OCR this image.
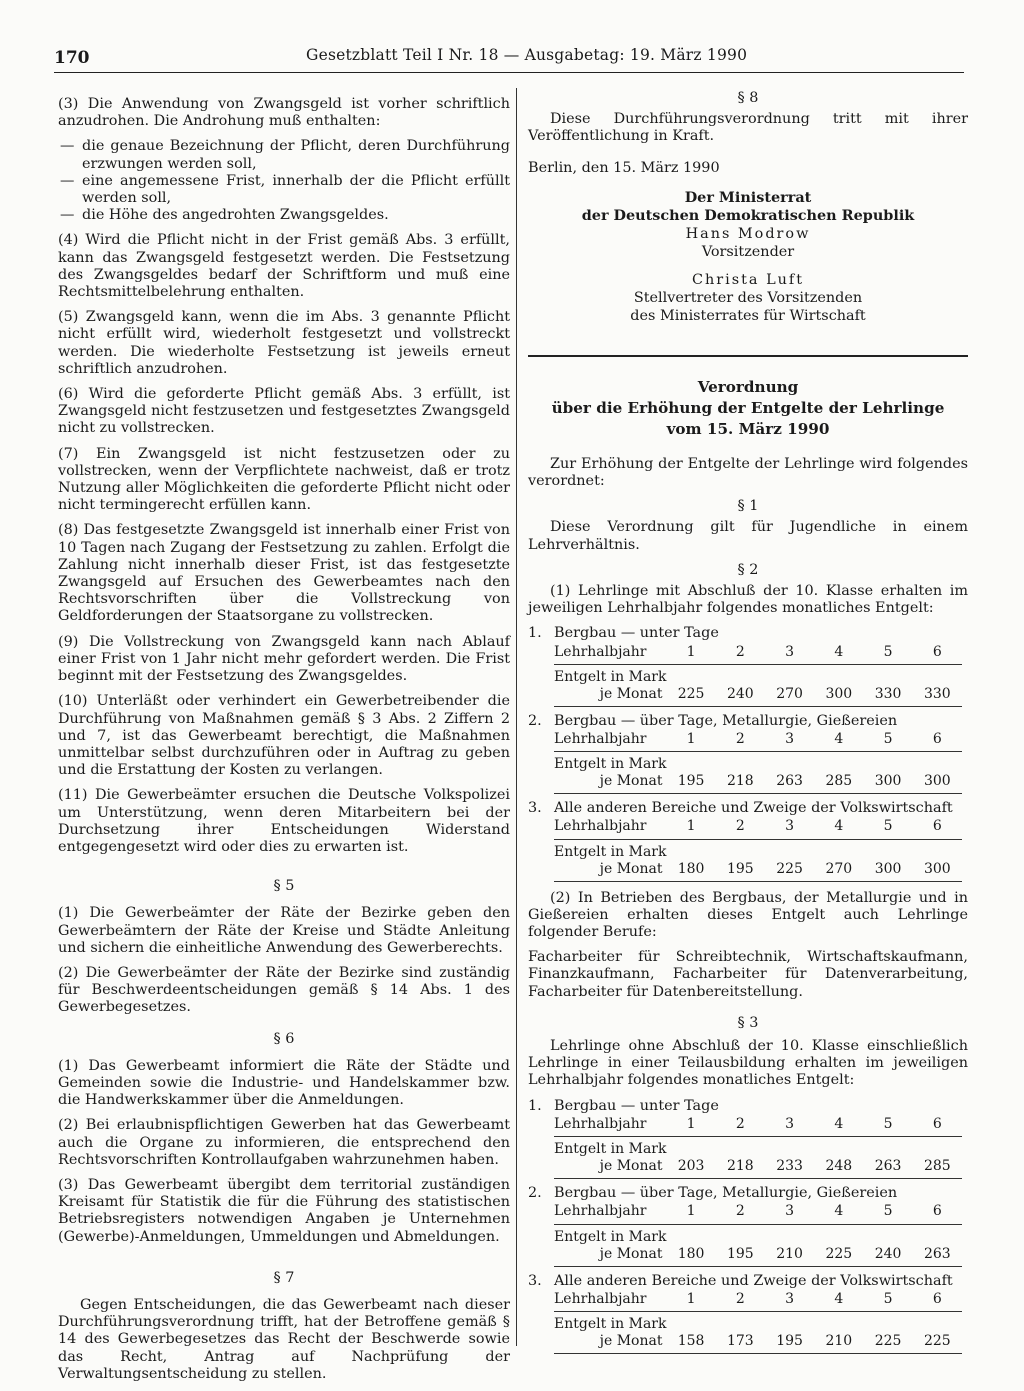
170	Gesetzblatt Teil I Nr. 18 — Ausgabetag: 19. März 1990

(3) Die Anwendung von Zwangsgeld ist vorher schriftlich anzudrohen. Die Androhung muß enthalten:

— die genaue Bezeichnung der Pflicht, deren Durchführung erzwungen werden soll,
— eine angemessene Frist, innerhalb der die Pflicht erfüllt werden soll,
— die Höhe des angedrohten Zwangsgeldes.

(4) Wird die Pflicht nicht in der Frist gemäß Abs. 3 erfüllt, kann das Zwangsgeld festgesetzt werden. Die Festsetzung des Zwangsgeldes bedarf der Schriftform und muß eine Rechtsmittelbelehrung enthalten.

(5) Zwangsgeld kann, wenn die im Abs. 3 genannte Pflicht nicht erfüllt wird, wiederholt festgesetzt und vollstreckt werden. Die wiederholte Festsetzung ist jeweils erneut schriftlich anzudrohen.

(6) Wird die geforderte Pflicht gemäß Abs. 3 erfüllt, ist Zwangsgeld nicht festzusetzen und festgesetztes Zwangsgeld nicht zu vollstrecken.

(7) Ein Zwangsgeld ist nicht festzusetzen oder zu vollstrecken, wenn der Verpflichtete nachweist, daß er trotz Nutzung aller Möglichkeiten die geforderte Pflicht nicht oder nicht termingerecht erfüllen kann.

(8) Das festgesetzte Zwangsgeld ist innerhalb einer Frist von 10 Tagen nach Zugang der Festsetzung zu zahlen. Erfolgt die Zahlung nicht innerhalb dieser Frist, ist das festgesetzte Zwangsgeld auf Ersuchen des Gewerbeamtes nach den Rechtsvorschriften über die Vollstreckung von Geldforderungen der Staatsorgane zu vollstrecken.

(9) Die Vollstreckung von Zwangsgeld kann nach Ablauf einer Frist von 1 Jahr nicht mehr gefordert werden. Die Frist beginnt mit der Festsetzung des Zwangsgeldes.

(10) Unterläßt oder verhindert ein Gewerbetreibender die Durchführung von Maßnahmen gemäß § 3 Abs. 2 Ziffern 2 und 7, ist das Gewerbeamt berechtigt, die Maßnahmen unmittelbar selbst durchzuführen oder in Auftrag zu geben und die Erstattung der Kosten zu verlangen.

(11) Die Gewerbeämter ersuchen die Deutsche Volkspolizei um Unterstützung, wenn deren Mitarbeitern bei der Durchsetzung ihrer Entscheidungen Widerstand entgegengesetzt wird oder dies zu erwarten ist.

§ 5

(1) Die Gewerbeämter der Räte der Bezirke geben den Gewerbeämtern der Räte der Kreise und Städte Anleitung und sichern die einheitliche Anwendung des Gewerberechts.

(2) Die Gewerbeämter der Räte der Bezirke sind zuständig für Beschwerdeentscheidungen gemäß § 14 Abs. 1 des Gewerbegesetzes.

§ 6

(1) Das Gewerbeamt informiert die Räte der Städte und Gemeinden sowie die Industrie- und Handelskammer bzw. die Handwerkskammer über die Anmeldungen.

(2) Bei erlaubnispflichtigen Gewerben hat das Gewerbeamt auch die Organe zu informieren, die entsprechend den Rechtsvorschriften Kontrollaufgaben wahrzunehmen haben.

(3) Das Gewerbeamt übergibt dem territorial zuständigen Kreisamt für Statistik die für die Führung des statistischen Betriebsregisters notwendigen Angaben je Unternehmen (Gewerbe)-Anmeldungen, Ummeldungen und Abmeldungen.

§ 7

Gegen Entscheidungen, die das Gewerbeamt nach dieser Durchführungsverordnung trifft, hat der Betroffene gemäß § 14 des Gewerbegesetzes das Recht der Beschwerde sowie das Recht, Antrag auf Nachprüfung der Verwaltungsentscheidung zu stellen.

§ 8

Diese Durchführungsverordnung tritt mit ihrer Veröffentlichung in Kraft.

Berlin, den 15. März 1990

Der Ministerrat
der Deutschen Demokratischen Republik
Hans Modrow
Vorsitzender
Christa Luft
Stellvertreter des Vorsitzenden
des Ministerrates für Wirtschaft
Verordnung
über die Erhöhung der Entgelte der Lehrlinge
vom 15. März 1990

Zur Erhöhung der Entgelte der Lehrlinge wird folgendes verordnet:

§ 1

Diese Verordnung gilt für Jugendliche in einem Lehrverhältnis.

§ 2

(1) Lehrlinge mit Abschluß der 10. Klasse erhalten im jeweiligen Lehrhalbjahr folgendes monatliches Entgelt:

1. Bergbau — unter Tage
Lehrhalbjahr	1	2	3	4	5	6
Entgelt in Mark						
je Monat	225	240	270	300	330	330
2. Bergbau — über Tage, Metallurgie, Gießereien
Lehrhalbjahr	1	2	3	4	5	6
Entgelt in Mark						
je Monat	195	218	263	285	300	300
3. Alle anderen Bereiche und Zweige der Volkswirtschaft
Lehrhalbjahr	1	2	3	4	5	6
Entgelt in Mark						
je Monat	180	195	225	270	300	300

(2) In Betrieben des Bergbaus, der Metallurgie und in Gießereien erhalten dieses Entgelt auch Lehrlinge folgender Berufe:

Facharbeiter für Schreibtechnik, Wirtschaftskaufmann, Finanzkaufmann, Facharbeiter für Datenverarbeitung, Facharbeiter für Datenbereitstellung.

§ 3

Lehrlinge ohne Abschluß der 10. Klasse einschließlich Lehrlinge in einer Teilausbildung erhalten im jeweiligen Lehrhalbjahr folgendes monatliches Entgelt:

1. Bergbau — unter Tage
Lehrhalbjahr	1	2	3	4	5	6
Entgelt in Mark						
je Monat	203	218	233	248	263	285
2. Bergbau — über Tage, Metallurgie, Gießereien
Lehrhalbjahr	1	2	3	4	5	6
Entgelt in Mark						
je Monat	180	195	210	225	240	263
3. Alle anderen Bereiche und Zweige der Volkswirtschaft
Lehrhalbjahr	1	2	3	4	5	6
Entgelt in Mark						
je Monat	158	173	195	210	225	225
